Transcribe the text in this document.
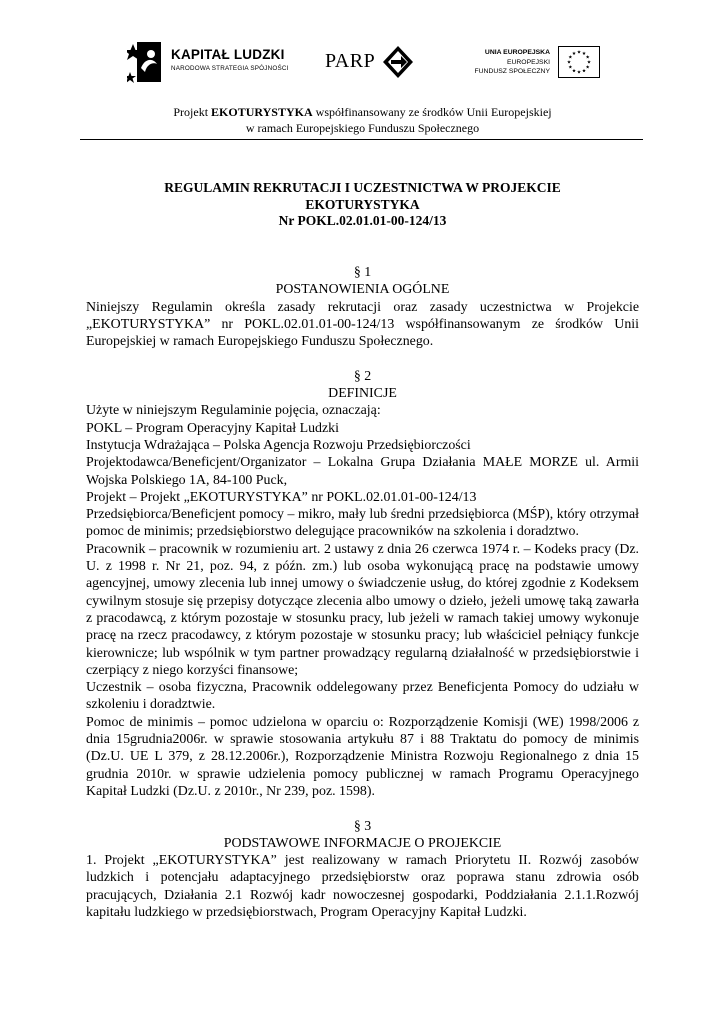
KAPITAŁ LUDZKI
NARODOWA STRATEGIA SPÓJNOŚCI PARP	UNIA EUROPEJSKA
EUROPEJSKI
FUNDUSZ SPOŁECZNY
Projekt EKOTURYSTYKA współfinansowany ze środków Unii Europejskiej
w ramach Europejskiego Funduszu Społecznego
REGULAMIN REKRUTACJI I UCZESTNICTWA W PROJEKCIE
EKOTURYSTYKA
Nr POKL.02.01.01-00-124/13

§ 1

POSTANOWIENIA OGÓLNE

Niniejszy Regulamin określa zasady rekrutacji oraz zasady uczestnictwa w Projekcie „EKOTURYSTYKA” nr POKL.02.01.01-00-124/13 współfinansowanym ze środków Unii Europejskiej w ramach Europejskiego Funduszu Społecznego.

§ 2

DEFINICJE

Użyte w niniejszym Regulaminie pojęcia, oznaczają:

POKL – Program Operacyjny Kapitał Ludzki

Instytucja Wdrażająca – Polska Agencja Rozwoju Przedsiębiorczości

Projektodawca/Beneficjent/Organizator – Lokalna Grupa Działania MAŁE MORZE ul. Armii Wojska Polskiego 1A, 84-100 Puck,

Projekt – Projekt „EKOTURYSTYKA” nr POKL.02.01.01-00-124/13

Przedsiębiorca/Beneficjent pomocy – mikro, mały lub średni przedsiębiorca (MŚP), który otrzymał pomoc de minimis; przedsiębiorstwo delegujące pracowników na szkolenia i doradztwo.

Pracownik – pracownik w rozumieniu art. 2 ustawy z dnia 26 czerwca 1974 r. – Kodeks pracy (Dz. U. z 1998 r. Nr 21, poz. 94, z późn. zm.) lub osoba wykonującą pracę na podstawie umowy agencyjnej, umowy zlecenia lub innej umowy o świadczenie usług, do której zgodnie z Kodeksem cywilnym stosuje się przepisy dotyczące zlecenia albo umowy o dzieło, jeżeli umowę taką zawarła z pracodawcą, z którym pozostaje w stosunku pracy, lub jeżeli w ramach takiej umowy wykonuje pracę na rzecz pracodawcy, z którym pozostaje w stosunku pracy; lub właściciel pełniący funkcje kierownicze; lub wspólnik w tym partner prowadzący regularną działalność w przedsiębiorstwie i czerpiący z niego korzyści finansowe;

Uczestnik – osoba fizyczna, Pracownik oddelegowany przez Beneficjenta Pomocy do udziału w szkoleniu i doradztwie.

Pomoc de minimis – pomoc udzielona w oparciu o: Rozporządzenie Komisji (WE) 1998/2006 z dnia 15grudnia2006r. w sprawie stosowania artykułu 87 i 88 Traktatu do pomocy de minimis (Dz.U. UE L 379, z 28.12.2006r.), Rozporządzenie Ministra Rozwoju Regionalnego z dnia 15 grudnia 2010r. w sprawie udzielenia pomocy publicznej w ramach Programu Operacyjnego Kapitał Ludzki (Dz.U. z 2010r., Nr 239, poz. 1598).

§ 3

PODSTAWOWE INFORMACJE O PROJEKCIE

1. Projekt „EKOTURYSTYKA” jest realizowany w ramach Priorytetu II. Rozwój zasobów ludzkich i potencjału adaptacyjnego przedsiębiorstw oraz poprawa stanu zdrowia osób pracujących, Działania 2.1 Rozwój kadr nowoczesnej gospodarki, Poddziałania 2.1.1.Rozwój kapitału ludzkiego w przedsiębiorstwach, Program Operacyjny Kapitał Ludzki.
